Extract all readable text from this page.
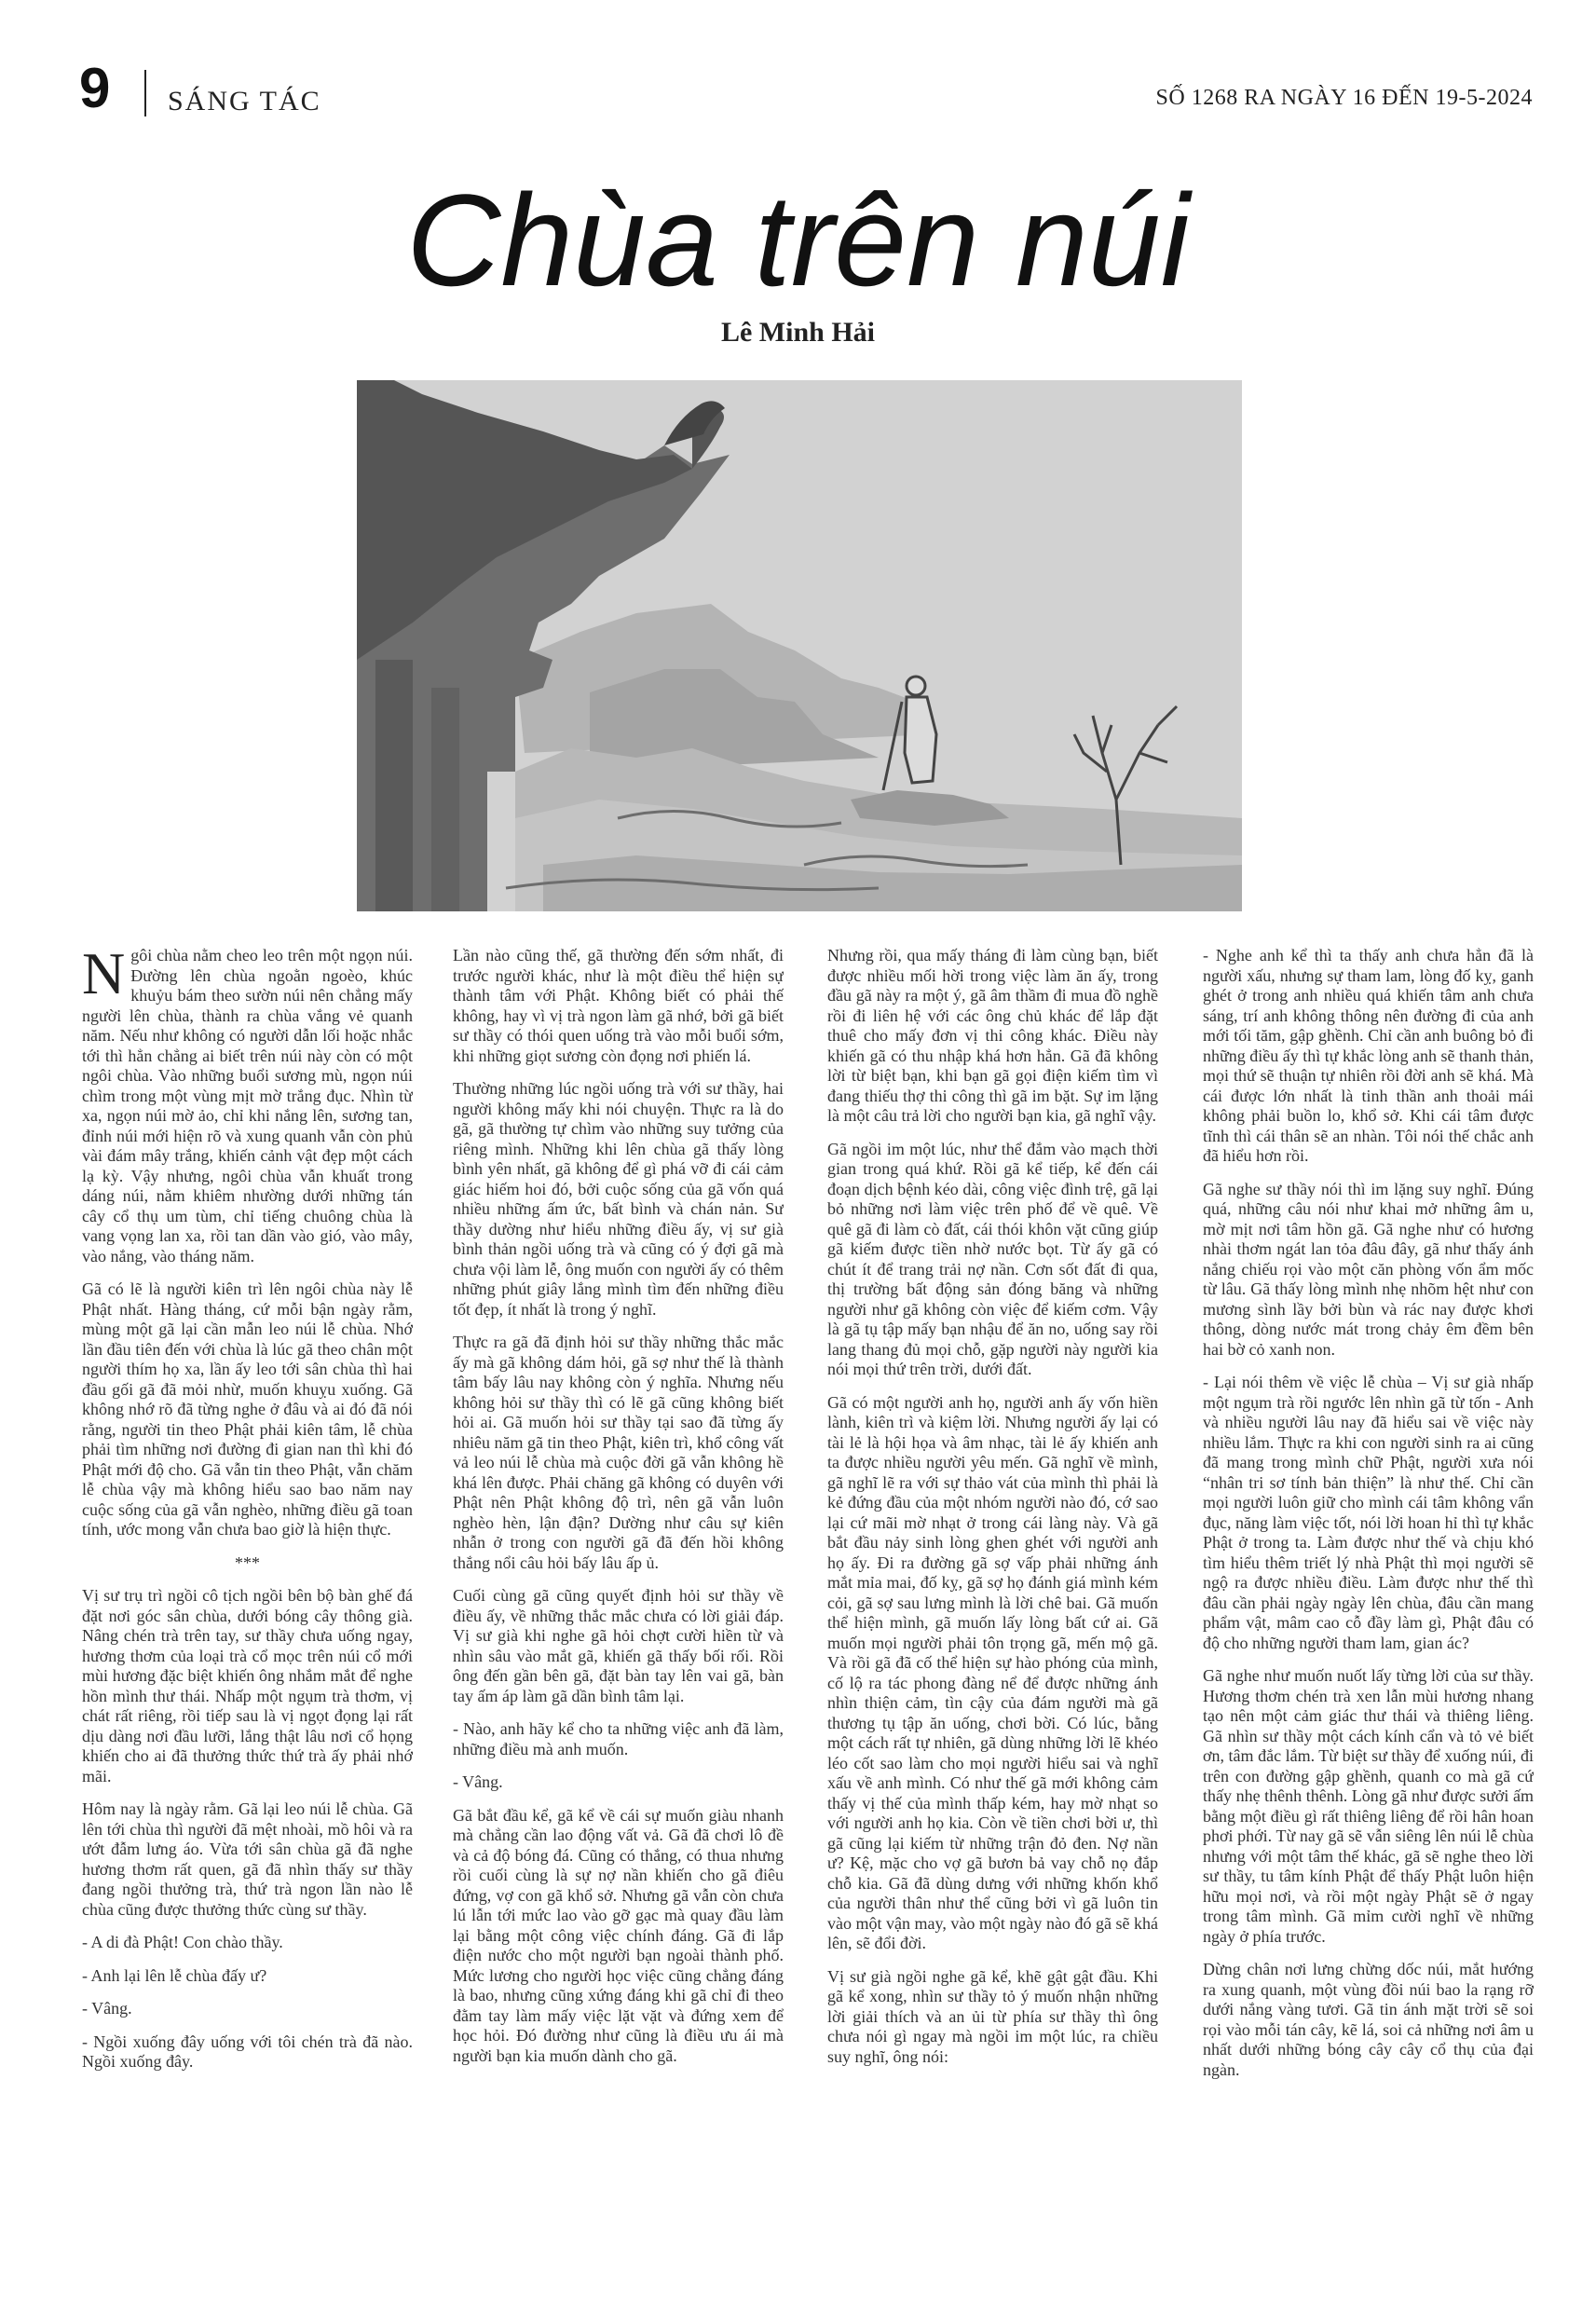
9 SÁNG TÁC	SỐ 1268 RA NGÀY 16 ĐẾN 19-5-2024
Chùa trên núi
Lê Minh Hải

Ngôi chùa nằm cheo leo trên một ngọn núi. Đường lên chùa ngoằn ngoèo, khúc khuỷu bám theo sườn núi nên chẳng mấy người lên chùa, thành ra chùa vắng vẻ quanh năm. Nếu như không có người dẫn lối hoặc nhắc tới thì hẳn chẳng ai biết trên núi này còn có một ngôi chùa. Vào những buổi sương mù, ngọn núi chìm trong một vùng mịt mờ trắng đục. Nhìn từ xa, ngọn núi mờ ảo, chỉ khi nắng lên, sương tan, đỉnh núi mới hiện rõ và xung quanh vẫn còn phủ vài đám mây trắng, khiến cảnh vật đẹp một cách lạ kỳ. Vậy nhưng, ngôi chùa vẫn khuất trong dáng núi, nằm khiêm nhường dưới những tán cây cổ thụ um tùm, chỉ tiếng chuông chùa là vang vọng lan xa, rồi tan dần vào gió, vào mây, vào nắng, vào tháng năm.

Gã có lẽ là người kiên trì lên ngôi chùa này lễ Phật nhất. Hàng tháng, cứ mỗi bận ngày rằm, mùng một gã lại cần mẫn leo núi lễ chùa. Nhớ lần đầu tiên đến với chùa là lúc gã theo chân một người thím họ xa, lần ấy leo tới sân chùa thì hai đầu gối gã đã mỏi nhừ, muốn khuỵu xuống. Gã không nhớ rõ đã từng nghe ở đâu và ai đó đã nói rằng, người tin theo Phật phải kiên tâm, lễ chùa phải tìm những nơi đường đi gian nan thì khi đó Phật mới độ cho. Gã vẫn tin theo Phật, vẫn chăm lễ chùa vậy mà không hiểu sao bao năm nay cuộc sống của gã vẫn nghèo, những điều gã toan tính, ước mong vẫn chưa bao giờ là hiện thực.

***

Vị sư trụ trì ngồi cô tịch ngồi bên bộ bàn ghế đá đặt nơi góc sân chùa, dưới bóng cây thông già. Nâng chén trà trên tay, sư thầy chưa uống ngay, hương thơm của loại trà cổ mọc trên núi cổ mới mùi hương đặc biệt khiến ông nhắm mắt để nghe hồn mình thư thái. Nhấp một ngụm trà thơm, vị chát rất riêng, rồi tiếp sau là vị ngọt đọng lại rất dịu dàng nơi đầu lưỡi, lắng thật lâu nơi cổ họng khiến cho ai đã thưởng thức thứ trà ấy phải nhớ mãi.

Hôm nay là ngày rằm. Gã lại leo núi lễ chùa. Gã lên tới chùa thì người đã mệt nhoài, mồ hôi và ra ướt đẫm lưng áo. Vừa tới sân chùa gã đã nghe hương thơm rất quen, gã đã nhìn thấy sư thầy đang ngồi thưởng trà, thứ trà ngon lần nào lễ chùa cũng được thưởng thức cùng sư thầy.

- A di đà Phật! Con chào thầy.

- Anh lại lên lễ chùa đấy ư?

- Vâng.

- Ngồi xuống đây uống với tôi chén trà đã nào. Ngồi xuống đây.

Lần nào cũng thế, gã thường đến sớm nhất, đi trước người khác, như là một điều thể hiện sự thành tâm với Phật. Không biết có phải thế không, hay vì vị trà ngon làm gã nhớ, bởi gã biết sư thầy có thói quen uống trà vào mỗi buổi sớm, khi những giọt sương còn đọng nơi phiến lá.

Thường những lúc ngồi uống trà với sư thầy, hai người không mấy khi nói chuyện. Thực ra là do gã, gã thường tự chìm vào những suy tưởng của riêng mình. Những khi lên chùa gã thấy lòng bình yên nhất, gã không để gì phá vỡ đi cái cảm giác hiếm hoi đó, bởi cuộc sống của gã vốn quá nhiều những ấm ức, bất bình và chán nản. Sư thầy dường như hiểu những điều ấy, vị sư già bình thản ngồi uống trà và cũng có ý đợi gã mà chưa vội làm lễ, ông muốn con người ấy có thêm những phút giây lắng mình tìm đến những điều tốt đẹp, ít nhất là trong ý nghĩ.

Thực ra gã đã định hỏi sư thầy những thắc mắc ấy mà gã không dám hỏi, gã sợ như thế là thành tâm bấy lâu nay không còn ý nghĩa. Nhưng nếu không hỏi sư thầy thì có lẽ gã cũng không biết hỏi ai. Gã muốn hỏi sư thầy tại sao đã từng ấy nhiêu năm gã tin theo Phật, kiên trì, khổ công vất vả leo núi lễ chùa mà cuộc đời gã vẫn không hề khá lên được. Phải chăng gã không có duyên với Phật nên Phật không độ trì, nên gã vẫn luôn nghèo hèn, lận đận? Dường như câu sự kiên nhẫn ở trong con người gã đã đến hồi không thắng nổi câu hỏi bấy lâu ấp ủ.

Cuối cùng gã cũng quyết định hỏi sư thầy về điều ấy, về những thắc mắc chưa có lời giải đáp. Vị sư già khi nghe gã hỏi chợt cười hiền từ và nhìn sâu vào mắt gã, khiến gã thấy bối rối. Rồi ông đến gần bên gã, đặt bàn tay lên vai gã, bàn tay ấm áp làm gã dần bình tâm lại.

- Nào, anh hãy kể cho ta những việc anh đã làm, những điều mà anh muốn.

- Vâng.

Gã bắt đầu kể, gã kể về cái sự muốn giàu nhanh mà chẳng cần lao động vất vả. Gã đã chơi lô đề và cả độ bóng đá. Cũng có thắng, có thua nhưng rồi cuối cùng là sự nợ nần khiến cho gã điêu đứng, vợ con gã khổ sở. Nhưng gã vẫn còn chưa lú lẫn tới mức lao vào gỡ gạc mà quay đầu làm lại bằng một công việc chính đáng. Gã đi lắp điện nước cho một người bạn ngoài thành phố. Mức lương cho người học việc cũng chẳng đáng là bao, nhưng cũng xứng đáng khi gã chỉ đi theo đằm tay làm mấy việc lặt vặt và đứng xem để học hỏi. Đó đường như cũng là điều ưu ái mà người bạn kia muốn dành cho gã.

Nhưng rồi, qua mấy tháng đi làm cùng bạn, biết được nhiều mối hời trong việc làm ăn ấy, trong đầu gã này ra một ý, gã âm thầm đi mua đồ nghề rồi đi liên hệ với các ông chủ khác để lắp đặt thuê cho mấy đơn vị thi công khác. Điều này khiến gã có thu nhập khá hơn hẳn. Gã đã không lời từ biệt bạn, khi bạn gã gọi điện kiếm tìm vì đang thiếu thợ thi công thì gã im bặt. Sự im lặng là một câu trả lời cho người bạn kia, gã nghĩ vậy.

Gã ngồi im một lúc, như thể đắm vào mạch thời gian trong quá khứ. Rồi gã kể tiếp, kể đến cái đoạn dịch bệnh kéo dài, công việc đình trệ, gã lại bỏ những nơi làm việc trên phố để về quê. Về quê gã đi làm cò đất, cái thói khôn vặt cũng giúp gã kiếm được tiền nhờ nước bọt. Từ ấy gã có chút ít để trang trải nợ nần. Cơn sốt đất đi qua, thị trường bất động sản đóng băng và những người như gã không còn việc để kiếm cơm. Vậy là gã tụ tập mấy bạn nhậu để ăn no, uống say rồi lang thang đủ mọi chỗ, gặp người này người kia nói mọi thứ trên trời, dưới đất.

Gã có một người anh họ, người anh ấy vốn hiền lành, kiên trì và kiệm lời. Nhưng người ấy lại có tài lẻ là hội họa và âm nhạc, tài lẻ ấy khiến anh ta được nhiều người yêu mến. Gã nghĩ về mình, gã nghĩ lẽ ra với sự thảo vát của mình thì phải là kẻ đứng đầu của một nhóm người nào đó, cớ sao lại cứ mãi mờ nhạt ở trong cái làng này. Và gã bắt đầu nảy sinh lòng ghen ghét với người anh họ ấy. Đi ra đường gã sợ vấp phải những ánh mắt mỉa mai, đố kỵ, gã sợ họ đánh giá mình kém cỏi, gã sợ sau lưng mình là lời chê bai. Gã muốn thể hiện mình, gã muốn lấy lòng bất cứ ai. Gã muốn mọi người phải tôn trọng gã, mến mộ gã. Và rồi gã đã cố thể hiện sự hào phóng của mình, cố lộ ra tác phong đàng nể để được những ánh nhìn thiện cảm, tìn cậy của đám người mà gã thương tụ tập ăn uống, chơi bời. Có lúc, bằng một cách rất tự nhiên, gã dùng những lời lẽ khéo léo cốt sao làm cho mọi người hiểu sai và nghĩ xấu về anh mình. Có như thế gã mới không cảm thấy vị thế của mình thấp kém, hay mờ nhạt so với người anh họ kia. Còn về tiền chơi bời ư, thì gã cũng lại kiếm từ những trận đỏ đen. Nợ nần ư? Kệ, mặc cho vợ gã bươn bả vay chỗ nọ đắp chỗ kia. Gã đã dùng dưng với những khốn khổ của người thân như thể cũng bởi vì gã luôn tin vào một vận may, vào một ngày nào đó gã sẽ khá lên, sẽ đổi đời.

Vị sư già ngồi nghe gã kể, khẽ gật gật đầu. Khi gã kể xong, nhìn sư thầy tỏ ý muốn nhận những lời giải thích và an ủi từ phía sư thầy thì ông chưa nói gì ngay mà ngồi im một lúc, ra chiều suy nghĩ, ông nói:

- Nghe anh kể thì ta thấy anh chưa hẳn đã là người xấu, nhưng sự tham lam, lòng đố kỵ, ganh ghét ở trong anh nhiều quá khiến tâm anh chưa sáng, trí anh không thông nên đường đi của anh mới tối tăm, gập ghềnh. Chỉ cần anh buông bỏ đi những điều ấy thì tự khắc lòng anh sẽ thanh thản, mọi thứ sẽ thuận tự nhiên rồi đời anh sẽ khá. Mà cái được lớn nhất là tinh thần anh thoải mái không phải buồn lo, khổ sở. Khi cái tâm được tĩnh thì cái thân sẽ an nhàn. Tôi nói thế chắc anh đã hiểu hơn rồi.

Gã nghe sư thầy nói thì im lặng suy nghĩ. Đúng quá, những câu nói như khai mở những âm u, mờ mịt nơi tâm hồn gã. Gã nghe như có hương nhài thơm ngát lan tỏa đâu đây, gã như thấy ánh nắng chiếu rọi vào một căn phòng vốn ẩm mốc từ lâu. Gã thấy lòng mình nhẹ nhõm hệt như con mương sình lầy bởi bùn và rác nay được khơi thông, dòng nước mát trong chảy êm đềm bên hai bờ cỏ xanh non.

- Lại nói thêm về việc lễ chùa – Vị sư già nhấp một ngụm trà rồi ngước lên nhìn gã từ tốn - Anh và nhiều người lâu nay đã hiểu sai về việc này nhiều lắm. Thực ra khi con người sinh ra ai cũng đã mang trong mình chữ Phật, người xưa nói “nhân tri sơ tính bản thiện” là như thế. Chỉ cần mọi người luôn giữ cho mình cái tâm không vẩn đục, năng làm việc tốt, nói lời hoan hỉ thì tự khắc Phật ở trong ta. Làm được như thế và chịu khó tìm hiểu thêm triết lý nhà Phật thì mọi người sẽ ngộ ra được nhiều điều. Làm được như thế thì đâu cần phải ngày ngày lên chùa, đâu cần mang phẩm vật, mâm cao cỗ đầy làm gì, Phật đâu có độ cho những người tham lam, gian ác?

Gã nghe như muốn nuốt lấy từng lời của sư thầy. Hương thơm chén trà xen lẫn mùi hương nhang tạo nên một cảm giác thư thái và thiêng liêng. Gã nhìn sư thầy một cách kính cẩn và tỏ vẻ biết ơn, tâm đắc lắm. Từ biệt sư thầy để xuống núi, đi trên con đường gập ghềnh, quanh co mà gã cứ thấy nhẹ thênh thênh. Lòng gã như được sưởi ấm bằng một điều gì rất thiêng liêng để rồi hân hoan phơi phới. Từ nay gã sẽ vẫn siêng lên núi lễ chùa nhưng với một tâm thế khác, gã sẽ nghe theo lời sư thầy, tu tâm kính Phật để thấy Phật luôn hiện hữu mọi nơi, và rồi một ngày Phật sẽ ở ngay trong tâm mình. Gã mỉm cười nghĩ về những ngày ở phía trước.

Dừng chân nơi lưng chừng dốc núi, mắt hướng ra xung quanh, một vùng đồi núi bao la rạng rỡ dưới nắng vàng tươi. Gã tin ánh mặt trời sẽ soi rọi vào mỗi tán cây, kẽ lá, soi cả những nơi âm u nhất dưới những bóng cây cây cổ thụ của đại ngàn.
